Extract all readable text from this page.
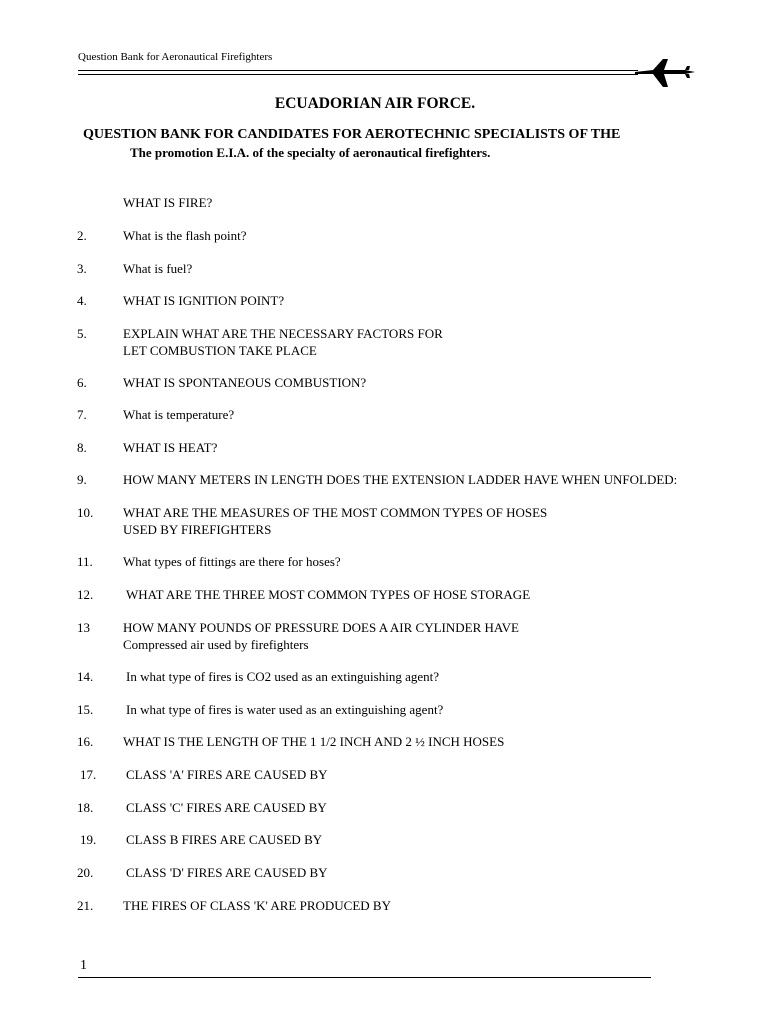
Question Bank for Aeronautical Firefighters
ECUADORIAN AIR FORCE.
QUESTION BANK FOR CANDIDATES FOR AEROTECHNIC SPECIALISTS OF THE
The promotion E.I.A. of the specialty of aeronautical firefighters.
WHAT IS FIRE?
2.	What is the flash point?
3.	What is fuel?
4.	WHAT IS IGNITION POINT?
5.	EXPLAIN WHAT ARE THE NECESSARY FACTORS FOR
LET COMBUSTION TAKE PLACE
6.	WHAT IS SPONTANEOUS COMBUSTION?
7.	What is temperature?
8.	WHAT IS HEAT?
9.	HOW MANY METERS IN LENGTH DOES THE EXTENSION LADDER HAVE WHEN UNFOLDED:
10. WHAT ARE THE MEASURES OF THE MOST COMMON TYPES OF HOSES
USED BY FIREFIGHTERS
11. What types of fittings are there for hoses?
12.	WHAT ARE THE THREE MOST COMMON TYPES OF HOSE STORAGE
13	HOW MANY POUNDS OF PRESSURE DOES A AIR CYLINDER HAVE
Compressed air used by firefighters
14.	In what type of fires is CO2 used as an extinguishing agent?
15.	In what type of fires is water used as an extinguishing agent?
16. WHAT IS THE LENGTH OF THE 1 1/2 INCH AND 2 ½ INCH HOSES
17. CLASS 'A' FIRES ARE CAUSED BY
18.	CLASS 'C' FIRES ARE CAUSED BY
19. CLASS B FIRES ARE CAUSED BY
20.	CLASS 'D' FIRES ARE CAUSED BY
21. THE FIRES OF CLASS 'K' ARE PRODUCED BY
1
